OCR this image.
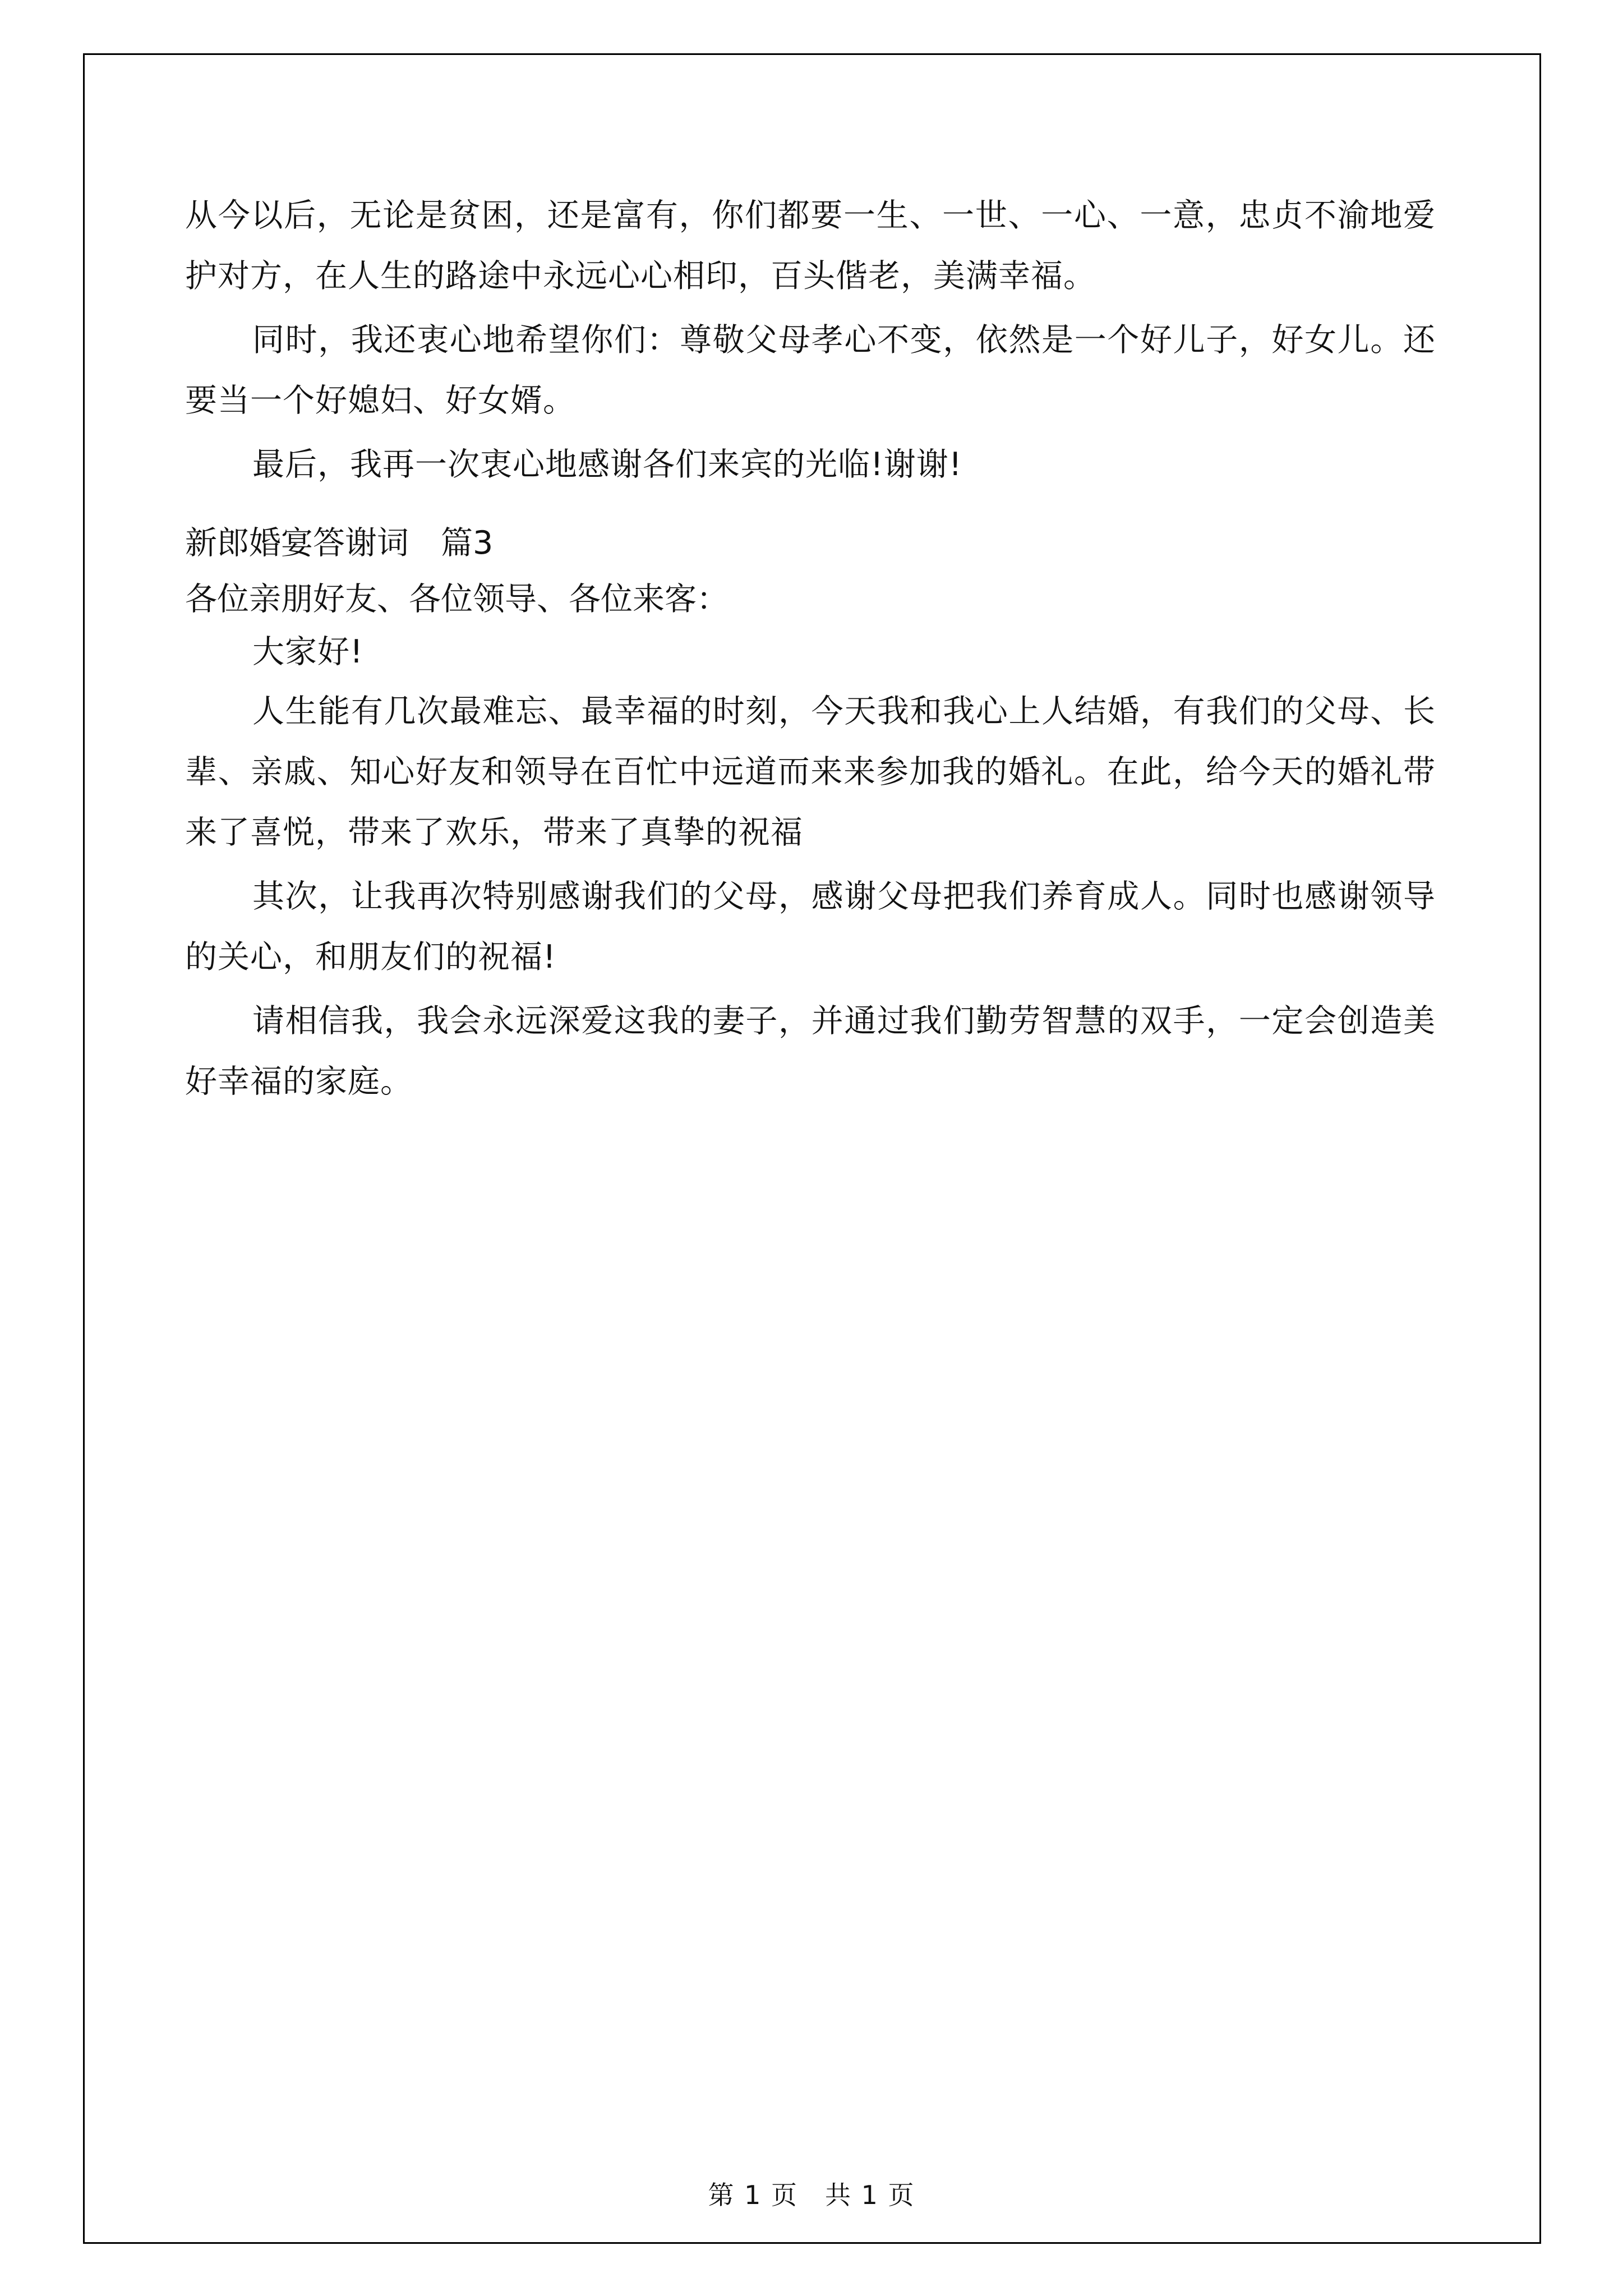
从今以后，无论是贫困，还是富有，你们都要一生、一世、一心、一意，忠贞不渝地爱护对方，在人生的路途中永远心心相印，百头偕老，美满幸福。

同时，我还衷心地希望你们：尊敬父母孝心不变，依然是一个好儿子，好女儿。还要当一个好媳妇、好女婿。

最后，我再一次衷心地感谢各们来宾的光临!谢谢!

新郎婚宴答谢词　篇3

各位亲朋好友、各位领导、各位来客：

大家好!

人生能有几次最难忘、最幸福的时刻，今天我和我心上人结婚，有我们的父母、长辈、亲戚、知心好友和领导在百忙中远道而来来参加我的婚礼。在此，给今天的婚礼带来了喜悦，带来了欢乐，带来了真挚的祝福

其次，让我再次特别感谢我们的父母，感谢父母把我们养育成人。同时也感谢领导的关心，和朋友们的祝福!

请相信我，我会永远深爱这我的妻子，并通过我们勤劳智慧的双手，一定会创造美好幸福的家庭。

第 1 页　共 1 页
